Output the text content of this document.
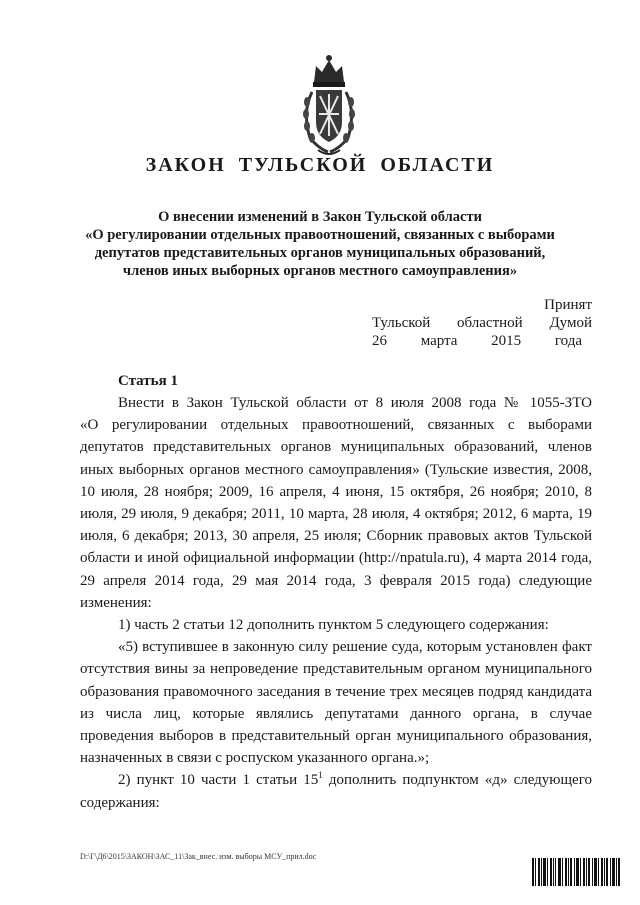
ЗАКОН ТУЛЬСКОЙ ОБЛАСТИ
О внесении изменений в Закон Тульской области
«О регулировании отдельных правоотношений, связанных с выборами
депутатов представительных органов муниципальных образований,
членов иных выборных органов местного самоуправления»
Принят
Тульской областной Думой
26 марта 2015 года
Статья 1
Внести в Закон Тульской области от 8 июля 2008 года № 1055-ЗТО
«О регулировании отдельных правоотношений, связанных с выборами
депутатов представительных органов муниципальных образований, членов
иных выборных органов местного самоуправления» (Тульские известия, 2008,
10 июля, 28 ноября; 2009, 16 апреля, 4 июня, 15 октября, 26 ноября; 2010, 8
июля, 29 июля, 9 декабря; 2011, 10 марта, 28 июля, 4 октября; 2012, 6 марта, 19
июля, 6 декабря; 2013, 30 апреля, 25 июля; Сборник правовых актов Тульской
области и иной официальной информации (http://npatula.ru), 4 марта 2014 года,
29 апреля 2014 года, 29 мая 2014 года, 3 февраля 2015 года) следующие
изменения:
1) часть 2 статьи 12 дополнить пунктом 5 следующего содержания:
«5) вступившее в законную силу решение суда, которым установлен факт
отсутствия вины за непроведение представительным органом муниципального
образования правомочного заседания в течение трех месяцев подряд кандидата
из числа лиц, которые являлись депутатами данного органа, в случае
проведения выборов в представительный орган муниципального образования,
назначенных в связи с роспуском указанного органа.»;
2) пункт 10 части 1 статьи $15^1$ дополнить подпунктом «д» следующего
содержания:
D:\Г\Д6\2015\ЗАКОН\ЗАС_11\Зак_внес. изм. выборы МСУ_прил.doc
